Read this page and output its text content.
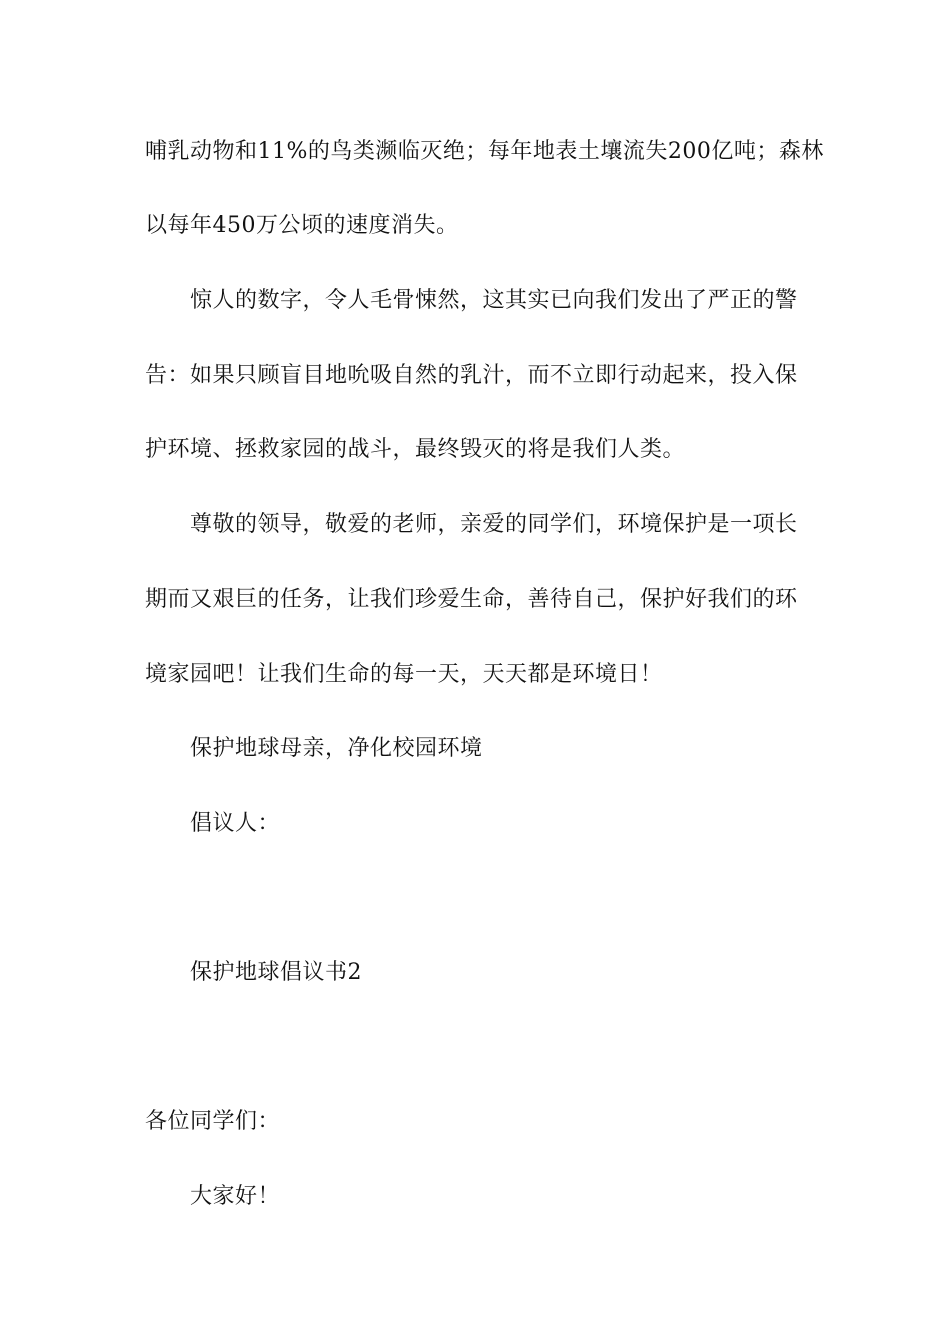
哺乳动物和11%的鸟类濒临灭绝；每年地表土壤流失200亿吨；森林
以每年450万公顷的速度消失。
惊人的数字，令人毛骨悚然，这其实已向我们发出了严正的警
告：如果只顾盲目地吮吸自然的乳汁，而不立即行动起来，投入保
护环境、拯救家园的战斗，最终毁灭的将是我们人类。
尊敬的领导，敬爱的老师，亲爱的同学们，环境保护是一项长
期而又艰巨的任务，让我们珍爱生命，善待自己，保护好我们的环
境家园吧！让我们生命的每一天，天天都是环境日！
保护地球母亲，净化校园环境
倡议人：
保护地球倡议书2
各位同学们：
大家好！
